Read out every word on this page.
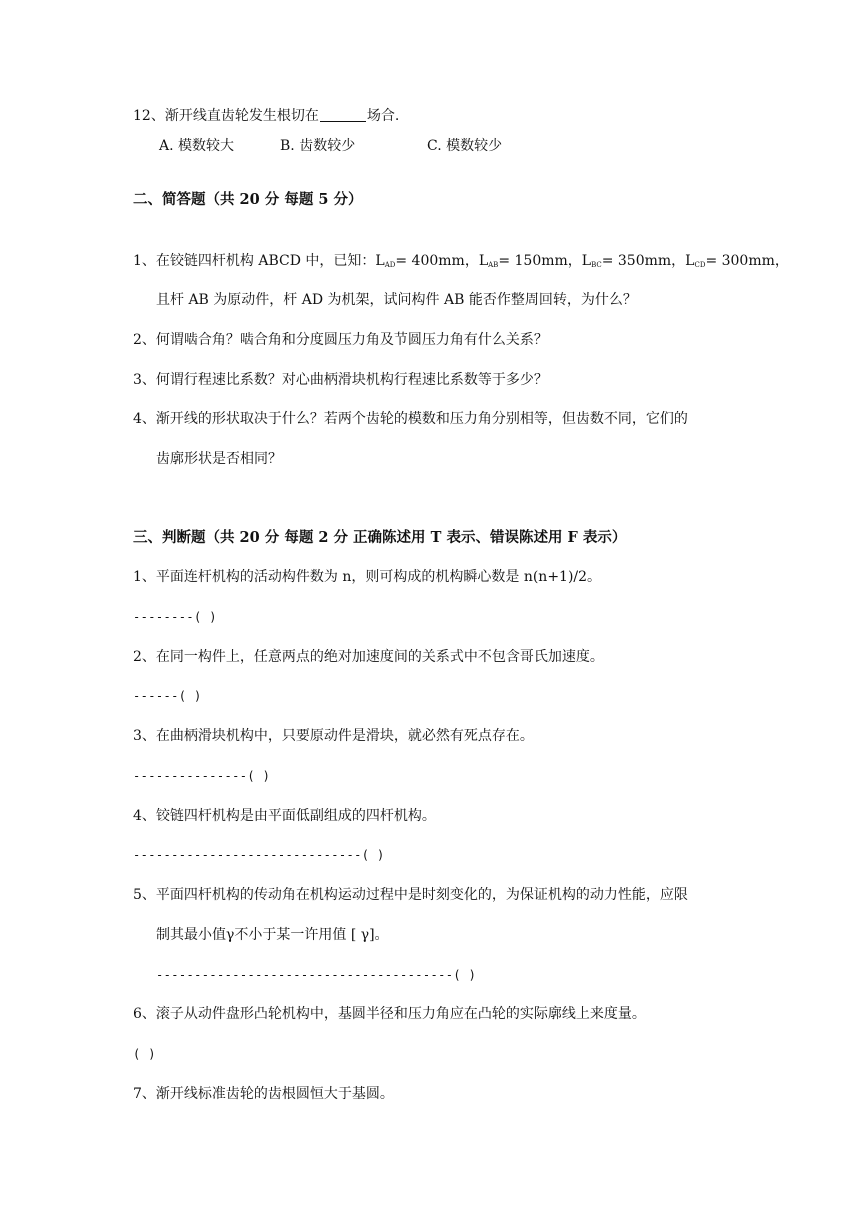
12、渐开线直齿轮发生根切在	场合.
A. 模数较大	B. 齿数较少	C. 模数较少
二、简答题（共 20 分 每题 5 分）
1、在铰链四杆机构 ABCD 中，已知：$L_{AD}= 400mm$，$L_{AB}= 150mm$，$L_{BC}= 350mm$，$L_{CD}= 300mm$，
且杆 AB 为原动件，杆 AD 为机架，试问构件 AB 能否作整周回转，为什么？
2、何谓啮合角？啮合角和分度圆压力角及节圆压力角有什么关系？
3、何谓行程速比系数？对心曲柄滑块机构行程速比系数等于多少？
4、渐开线的形状取决于什么？若两个齿轮的模数和压力角分别相等，但齿数不同，它们的
齿廓形状是否相同？
三、判断题（共 20 分 每题 2 分 正确陈述用 T 表示、错误陈述用 F 表示）
1、平面连杆机构的活动构件数为 n，则可构成的机构瞬心数是 n(n+1)/2。
--------( )
2、在同一构件上，任意两点的绝对加速度间的关系式中不包含哥氏加速度。
------( )
3、在曲柄滑块机构中，只要原动件是滑块，就必然有死点存在。
---------------( )
4、铰链四杆机构是由平面低副组成的四杆机构。
------------------------------( )
5、平面四杆机构的传动角在机构运动过程中是时刻变化的，为保证机构的动力性能，应限
制其最小值γ不小于某一许用值 [ γ]。
---------------------------------------( )
6、滚子从动件盘形凸轮机构中，基圆半径和压力角应在凸轮的实际廓线上来度量。
( )
7、渐开线标准齿轮的齿根圆恒大于基圆。
